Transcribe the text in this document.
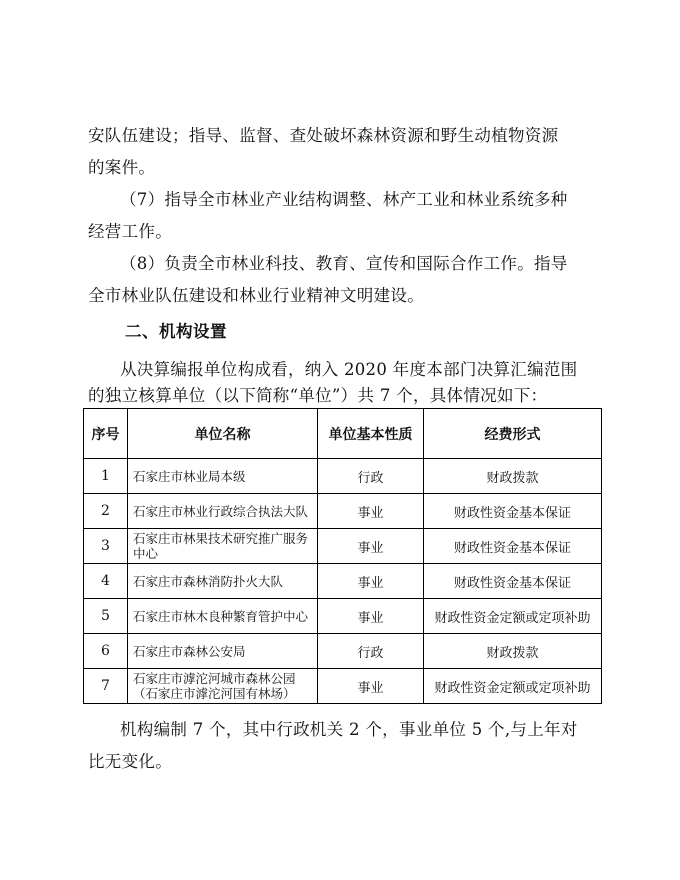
安队伍建设；指导、监督、查处破坏森林资源和野生动植物资源
的案件。
（7）指导全市林业产业结构调整、林产工业和林业系统多种
经营工作。
（8）负责全市林业科技、教育、宣传和国际合作工作。指导
全市林业队伍建设和林业行业精神文明建设。
二、机构设置
从决算编报单位构成看，纳入 2020 年度本部门决算汇编范围
的独立核算单位（以下简称“单位”）共 7 个，具体情况如下：
序号	单位名称	单位基本性质	经费形式
1	石家庄市林业局本级	行政	财政拨款
2	石家庄市林业行政综合执法大队	事业	财政性资金基本保证
3	石家庄市林果技术研究推广服务中心	事业	财政性资金基本保证
4	石家庄市森林消防扑火大队	事业	财政性资金基本保证
5	石家庄市林木良种繁育管护中心	事业	财政性资金定额或定项补助
6	石家庄市森林公安局	行政	财政拨款
7	石家庄市滹沱河城市森林公园（石家庄市滹沱河国有林场）	事业	财政性资金定额或定项补助
机构编制 7 个，其中行政机关 2 个，事业单位 5 个,与上年对
比无变化。
